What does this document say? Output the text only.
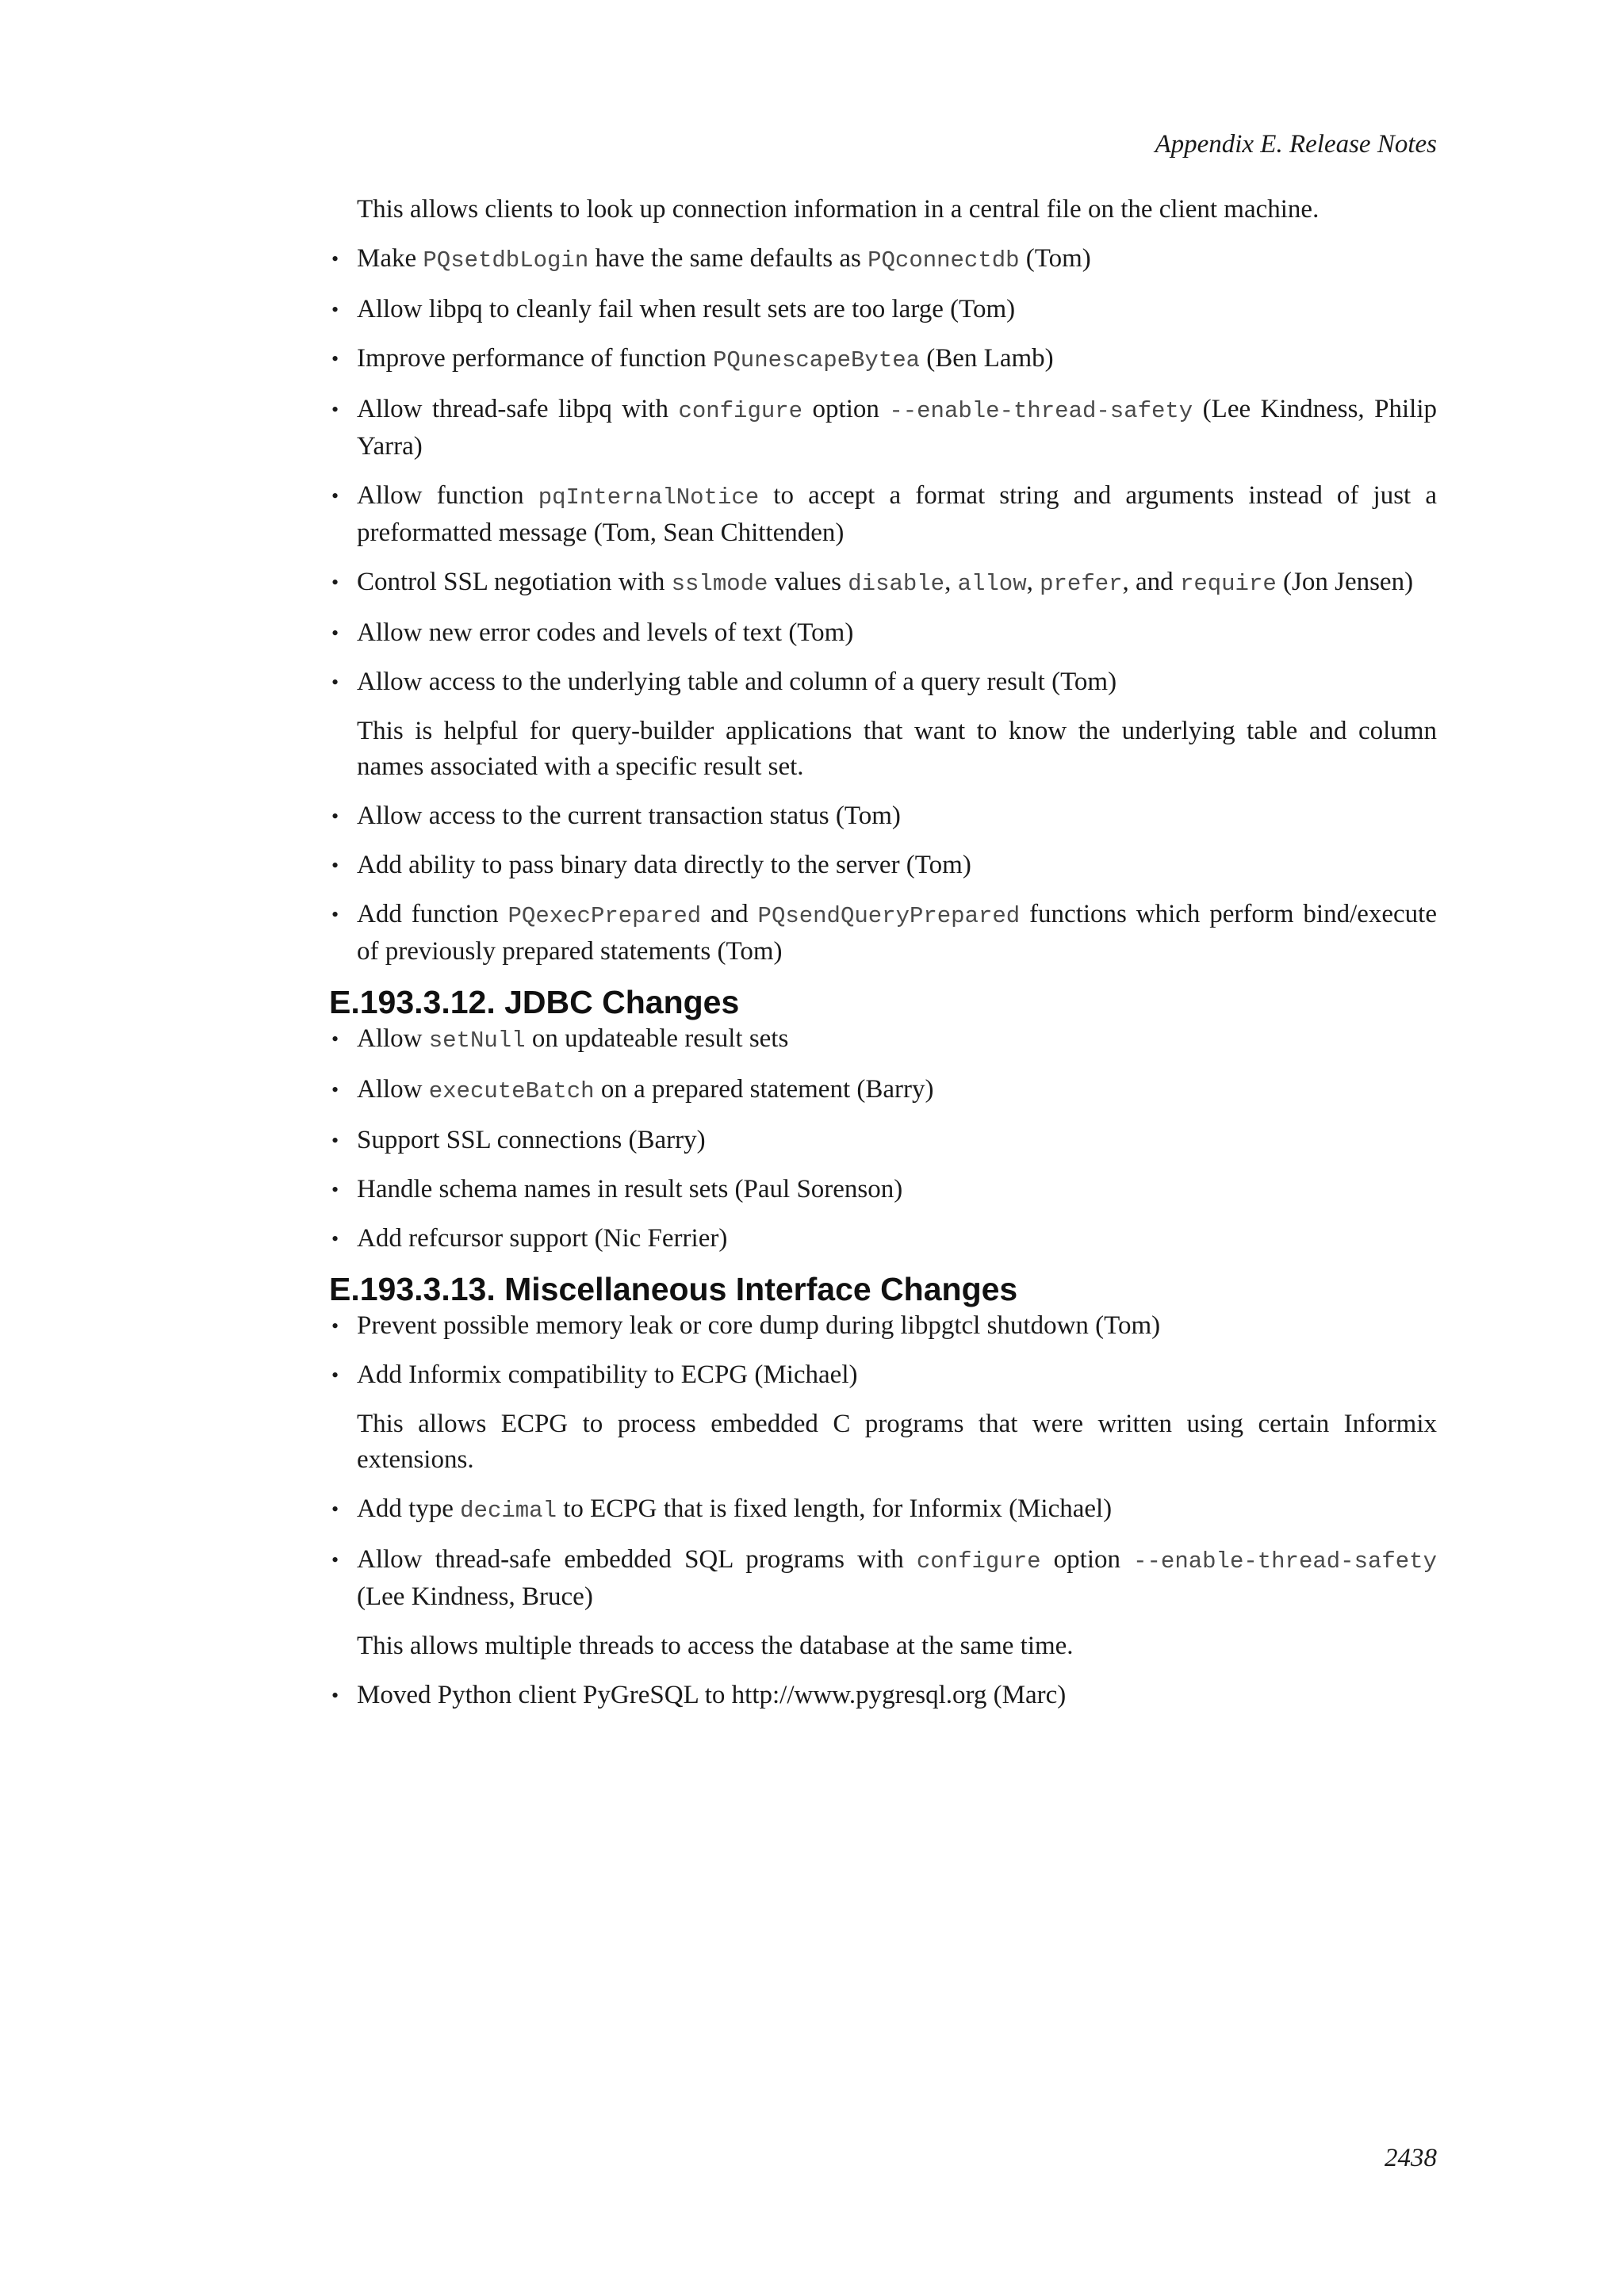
Appendix E. Release Notes

This allows clients to look up connection information in a central file on the client machine.

• Make PQsetdbLogin have the same defaults as PQconnectdb (Tom)
• Allow libpq to cleanly fail when result sets are too large (Tom)
• Improve performance of function PQunescapeBytea (Ben Lamb)
• Allow thread-safe libpq with configure option --enable-thread-safety (Lee Kindness, Philip Yarra)
• Allow function pqInternalNotice to accept a format string and arguments instead of just a preformatted message (Tom, Sean Chittenden)
• Control SSL negotiation with sslmode values disable, allow, prefer, and require (Jon Jensen)
• Allow new error codes and levels of text (Tom)
• Allow access to the underlying table and column of a query result (Tom)

This is helpful for query-builder applications that want to know the underlying table and column names associated with a specific result set.

• Allow access to the current transaction status (Tom)
• Add ability to pass binary data directly to the server (Tom)
• Add function PQexecPrepared and PQsendQueryPrepared functions which perform bind/execute of previously prepared statements (Tom)
E.193.3.12. JDBC Changes
• Allow setNull on updateable result sets
• Allow executeBatch on a prepared statement (Barry)
• Support SSL connections (Barry)
• Handle schema names in result sets (Paul Sorenson)
• Add refcursor support (Nic Ferrier)
E.193.3.13. Miscellaneous Interface Changes
• Prevent possible memory leak or core dump during libpgtcl shutdown (Tom)
• Add Informix compatibility to ECPG (Michael)

This allows ECPG to process embedded C programs that were written using certain Informix extensions.

• Add type decimal to ECPG that is fixed length, for Informix (Michael)
• Allow thread-safe embedded SQL programs with configure option --enable-thread-safety (Lee Kindness, Bruce)

This allows multiple threads to access the database at the same time.

• Moved Python client PyGreSQL to http://www.pygresql.org (Marc)
2438
